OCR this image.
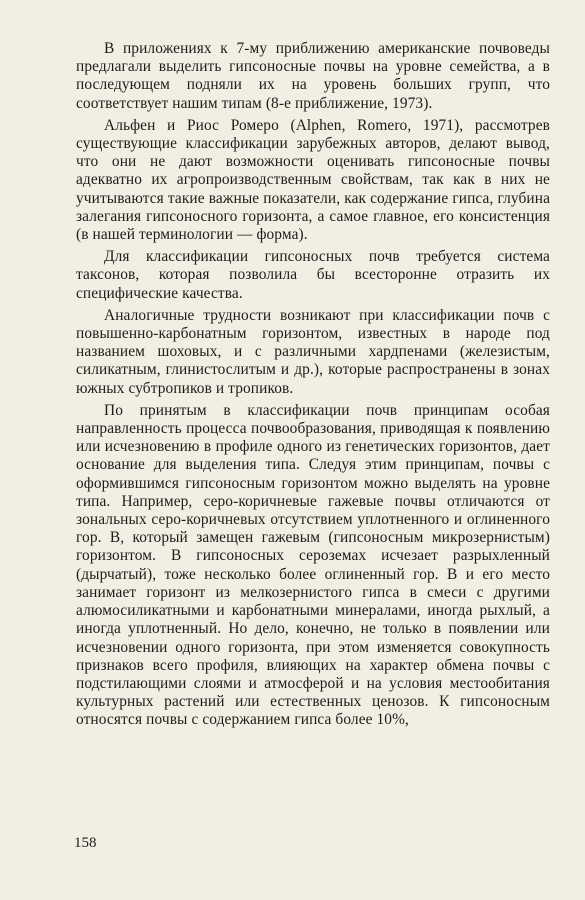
В приложениях к 7-му приближению американские почвоведы предлагали выделить гипсоносные почвы на уровне семейства, а в последующем подняли их на уровень больших групп, что соответствует нашим типам (8-е приближение, 1973).

Альфен и Риос Ромеро (Alphen, Romero, 1971), рассмотрев существующие классификации зарубежных авторов, делают вывод, что они не дают возможности оценивать гипсоносные почвы адекватно их агропроизводственным свойствам, так как в них не учитываются такие важные показатели, как содержание гипса, глубина залегания гипсоносного горизонта, а самое главное, его консистенция (в нашей терминологии — форма).

Для классификации гипсоносных почв требуется система таксонов, которая позволила бы всесторонне отразить их специфические качества.

Аналогичные трудности возникают при классификации почв с повышенно-карбонатным горизонтом, известных в народе под названием шоховых, и с различными хардпенами (железистым, силикатным, глинистослитым и др.), которые распространены в зонах южных субтропиков и тропиков.

По принятым в классификации почв принципам особая направленность процесса почвообразования, приводящая к появлению или исчезновению в профиле одного из генетических горизонтов, дает основание для выделения типа. Следуя этим принципам, почвы с оформившимся гипсоносным горизонтом можно выделять на уровне типа. Например, серо-коричневые гажевые почвы отличаются от зональных серо-коричневых отсутствием уплотненного и оглиненного гор. B, который замещен гажевым (гипсоносным микрозернистым) горизонтом. В гипсоносных сероземах исчезает разрыхленный (дырчатый), тоже несколько более оглиненный гор. B и его место занимает горизонт из мелкозернистого гипса в смеси с другими алюмосиликатными и карбонатными минералами, иногда рыхлый, а иногда уплотненный. Но дело, конечно, не только в появлении или исчезновении одного горизонта, при этом изменяется совокупность признаков всего профиля, влияющих на характер обмена почвы с подстилающими слоями и атмосферой и на условия местообитания культурных растений или естественных ценозов. К гипсоносным относятся почвы с содержанием гипса более 10%,

158
